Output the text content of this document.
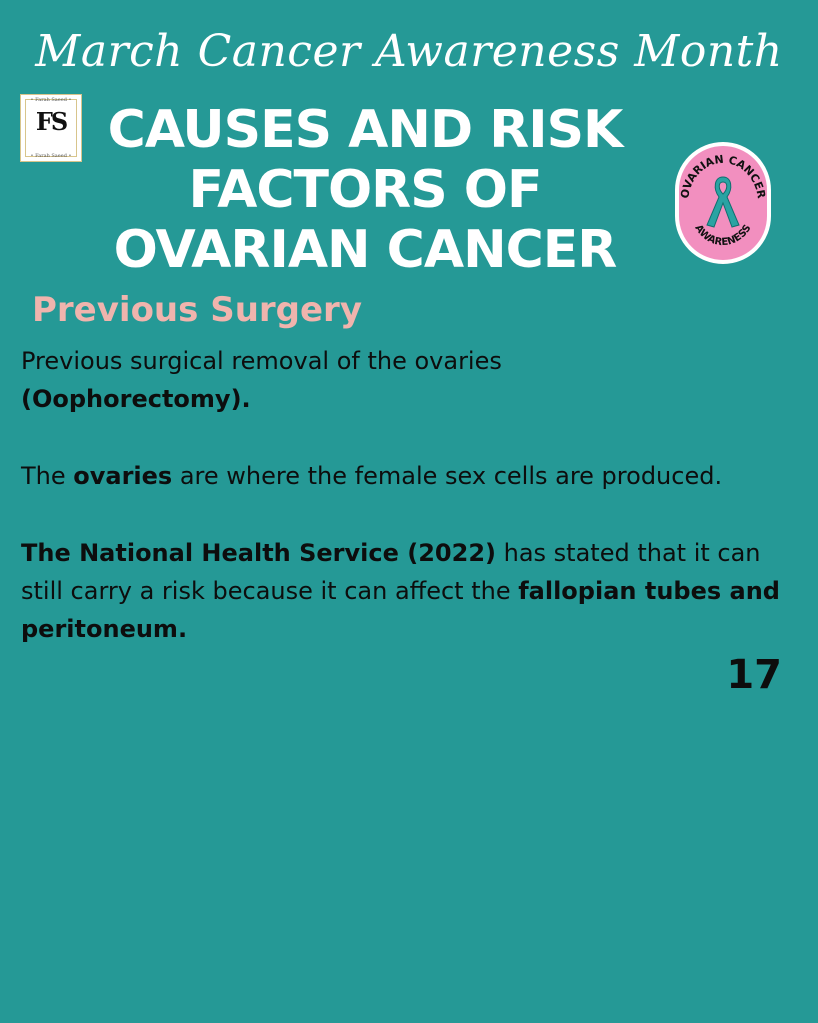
March Cancer Awareness Month
• Farah Saeed •
FS
• Farah Saeed • CAUSES AND RISK
FACTORS OF
OVARIAN CANCER
OVARIAN CANCER
AWARENESS
Previous Surgery
Previous surgical removal of the ovaries
(Oophorectomy).
The ovaries are where the female sex cells are produced.
The National Health Service (2022) has stated that it can still carry a risk because it can affect the fallopian tubes and peritoneum.
17
